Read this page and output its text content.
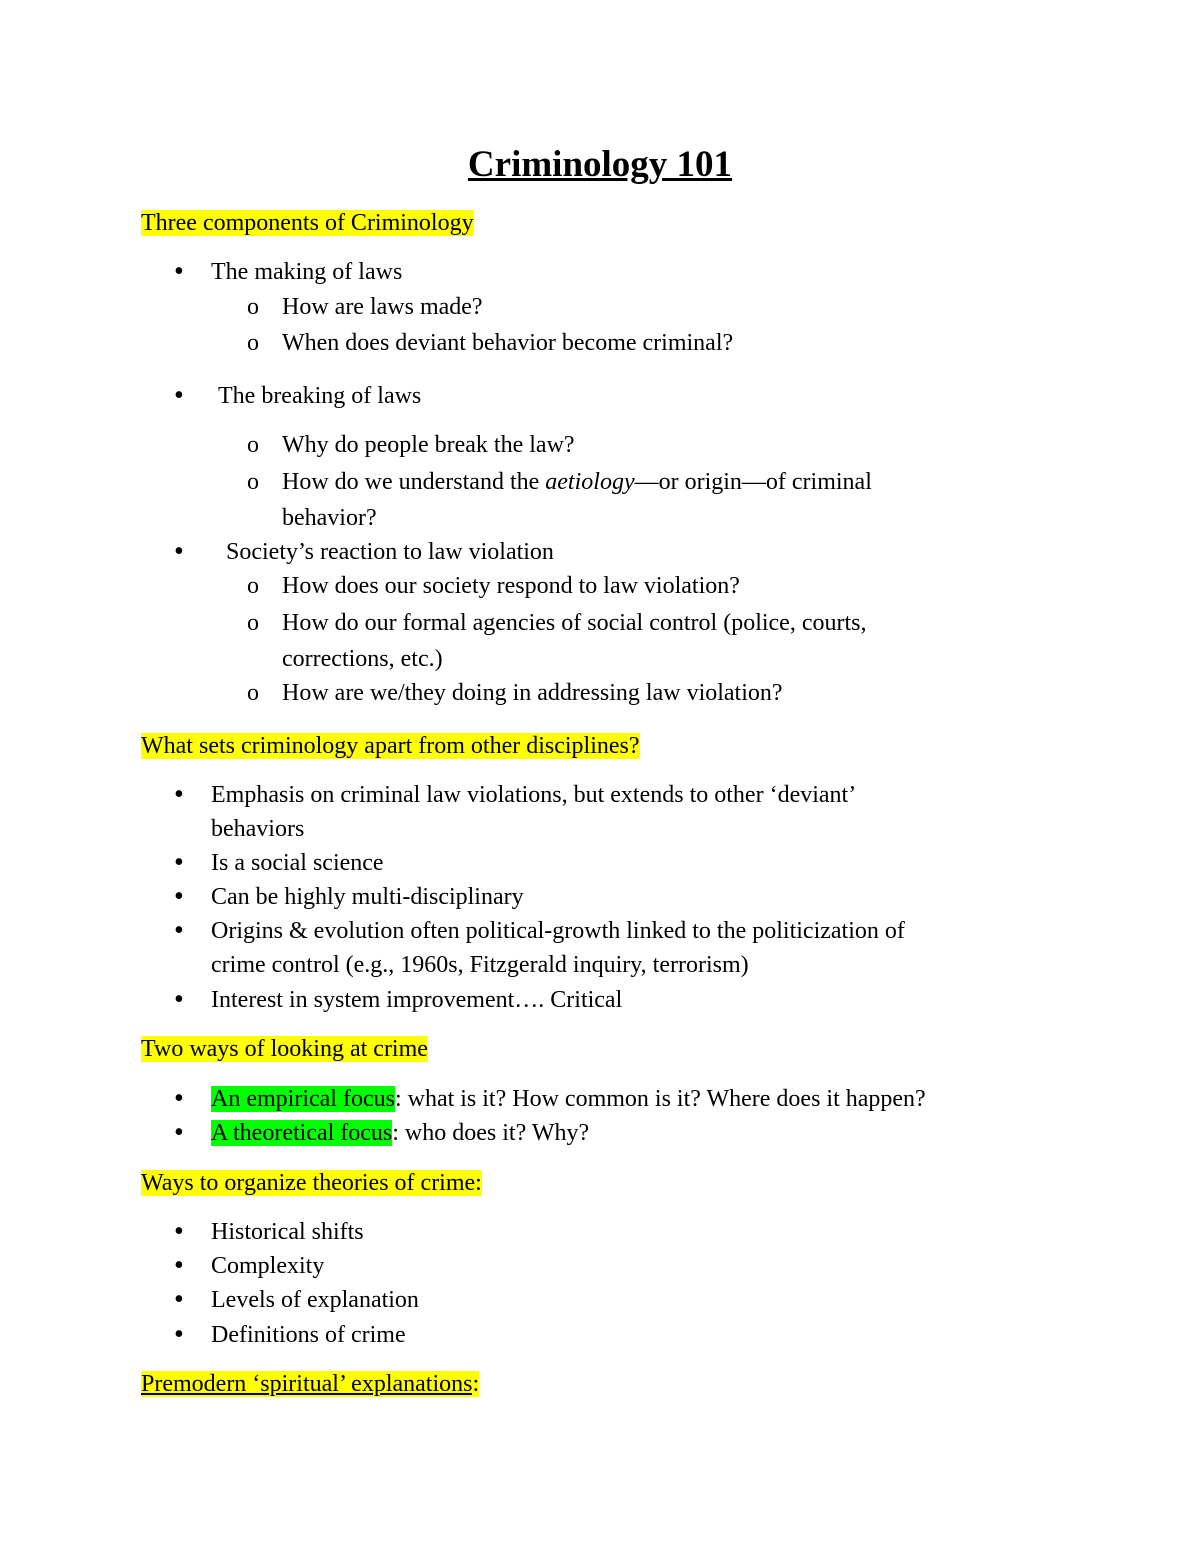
Criminology 101
Three components of Criminology
•
The making of laws
o
How are laws made?
o
When does deviant behavior become criminal?
•
The breaking of laws
o
Why do people break the law?
o
How do we understand the aetiology—or origin—of criminal
behavior?
•
Society’s reaction to law violation
o
How does our society respond to law violation?
o
How do our formal agencies of social control (police, courts,
corrections, etc.)
o
How are we/they doing in addressing law violation?
What sets criminology apart from other disciplines?
•
Emphasis on criminal law violations, but extends to other ‘deviant’
behaviors
•
Is a social science
•
Can be highly multi-disciplinary
•
Origins & evolution often political-growth linked to the politicization of
crime control (e.g., 1960s, Fitzgerald inquiry, terrorism)
•
Interest in system improvement…. Critical
Two ways of looking at crime
•
An empirical focus: what is it? How common is it? Where does it happen?
•
A theoretical focus: who does it? Why?
Ways to organize theories of crime:
•
Historical shifts
•
Complexity
•
Levels of explanation
•
Definitions of crime
Premodern ‘spiritual’ explanations:
